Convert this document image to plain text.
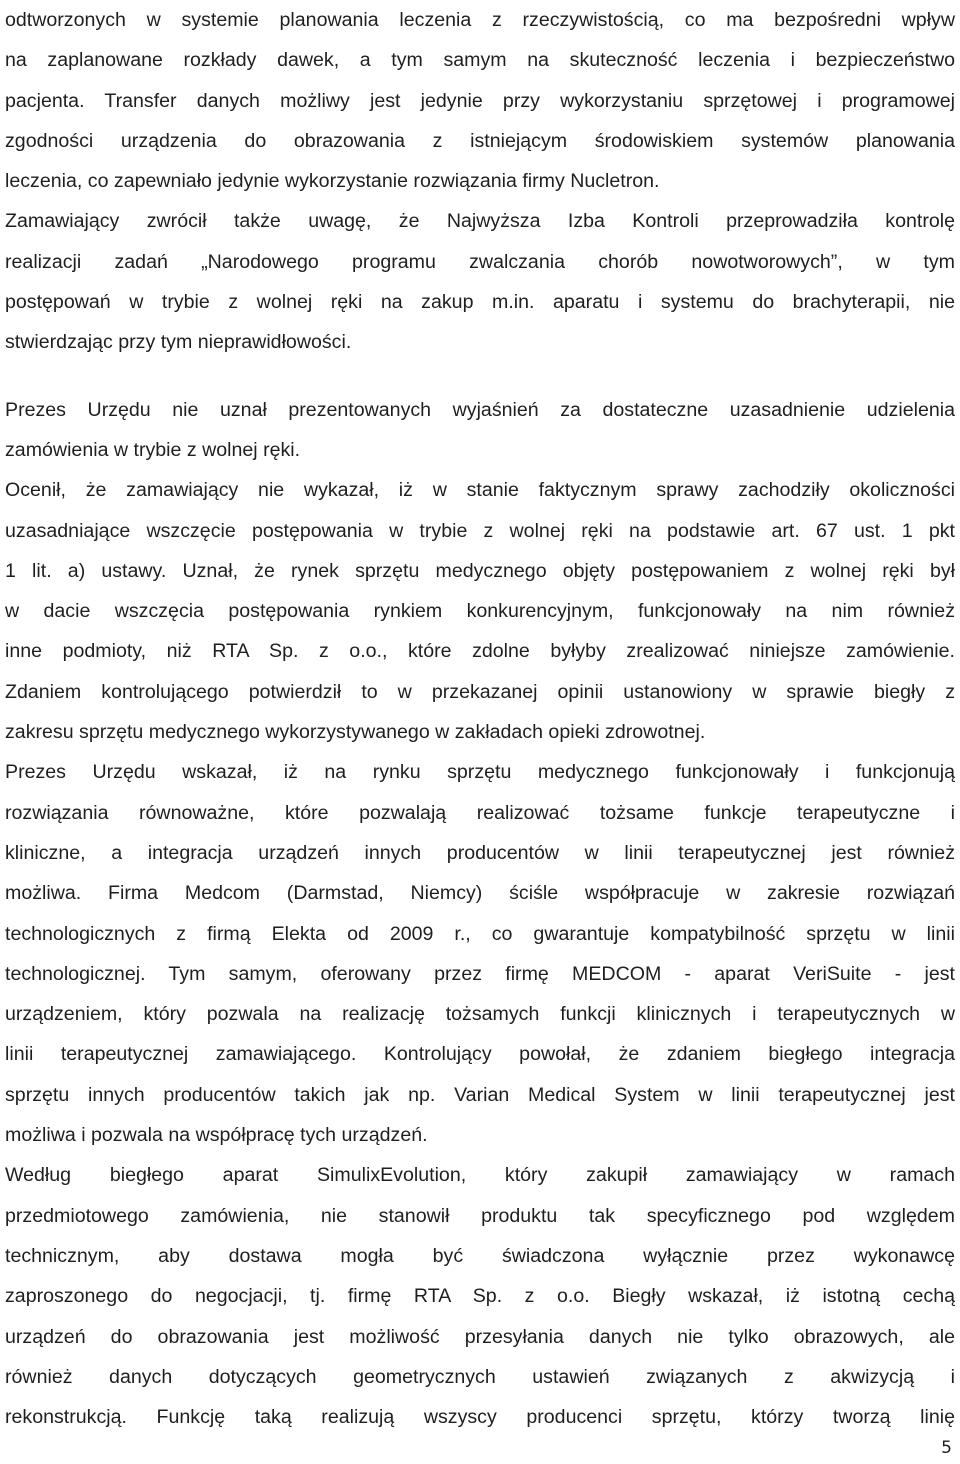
odtworzonych w systemie planowania leczenia z rzeczywistością, co ma bezpośredni wpływ
na zaplanowane rozkłady dawek, a tym samym na skuteczność leczenia i bezpieczeństwo
pacjenta. Transfer danych możliwy jest jedynie przy wykorzystaniu sprzętowej i programowej
zgodności urządzenia do obrazowania z istniejącym środowiskiem systemów planowania
leczenia, co zapewniało jedynie wykorzystanie rozwiązania firmy Nucletron.
Zamawiający zwrócił także uwagę, że Najwyższa Izba Kontroli przeprowadziła kontrolę
realizacji zadań „Narodowego programu zwalczania chorób nowotworowych”, w tym
postępowań w trybie z wolnej ręki na zakup m.in. aparatu i systemu do brachyterapii, nie
stwierdzając przy tym nieprawidłowości.
Prezes Urzędu nie uznał prezentowanych wyjaśnień za dostateczne uzasadnienie udzielenia
zamówienia w trybie z wolnej ręki.
Ocenił, że zamawiający nie wykazał, iż w stanie faktycznym sprawy zachodziły okoliczności
uzasadniające wszczęcie postępowania w trybie z wolnej ręki na podstawie art. 67 ust. 1 pkt
1 lit. a) ustawy. Uznał, że rynek sprzętu medycznego objęty postępowaniem z wolnej ręki był
w dacie wszczęcia postępowania rynkiem konkurencyjnym, funkcjonowały na nim również
inne podmioty, niż RTA Sp. z o.o., które zdolne byłyby zrealizować niniejsze zamówienie.
Zdaniem kontrolującego potwierdził to w przekazanej opinii ustanowiony w sprawie biegły z
zakresu sprzętu medycznego wykorzystywanego w zakładach opieki zdrowotnej.
Prezes Urzędu wskazał, iż na rynku sprzętu medycznego funkcjonowały i funkcjonują
rozwiązania równoważne, które pozwalają realizować tożsame funkcje terapeutyczne i
kliniczne, a integracja urządzeń innych producentów w linii terapeutycznej jest również
możliwa. Firma Medcom (Darmstad, Niemcy) ściśle współpracuje w zakresie rozwiązań
technologicznych z firmą Elekta od 2009 r., co gwarantuje kompatybilność sprzętu w linii
technologicznej. Tym samym, oferowany przez firmę MEDCOM - aparat VeriSuite - jest
urządzeniem, który pozwala na realizację tożsamych funkcji klinicznych i terapeutycznych w
linii terapeutycznej zamawiającego. Kontrolujący powołał, że zdaniem biegłego integracja
sprzętu innych producentów takich jak np. Varian Medical System w linii terapeutycznej jest
możliwa i pozwala na współpracę tych urządzeń.
Według biegłego aparat SimulixEvolution, który zakupił zamawiający w ramach
przedmiotowego zamówienia, nie stanowił produktu tak specyficznego pod względem
technicznym, aby dostawa mogła być świadczona wyłącznie przez wykonawcę
zaproszonego do negocjacji, tj. firmę RTA Sp. z o.o. Biegły wskazał, iż istotną cechą
urządzeń do obrazowania jest możliwość przesyłania danych nie tylko obrazowych, ale
również danych dotyczących geometrycznych ustawień związanych z akwizycją i
rekonstrukcją. Funkcję taką realizują wszyscy producenci sprzętu, którzy tworzą linię
5
